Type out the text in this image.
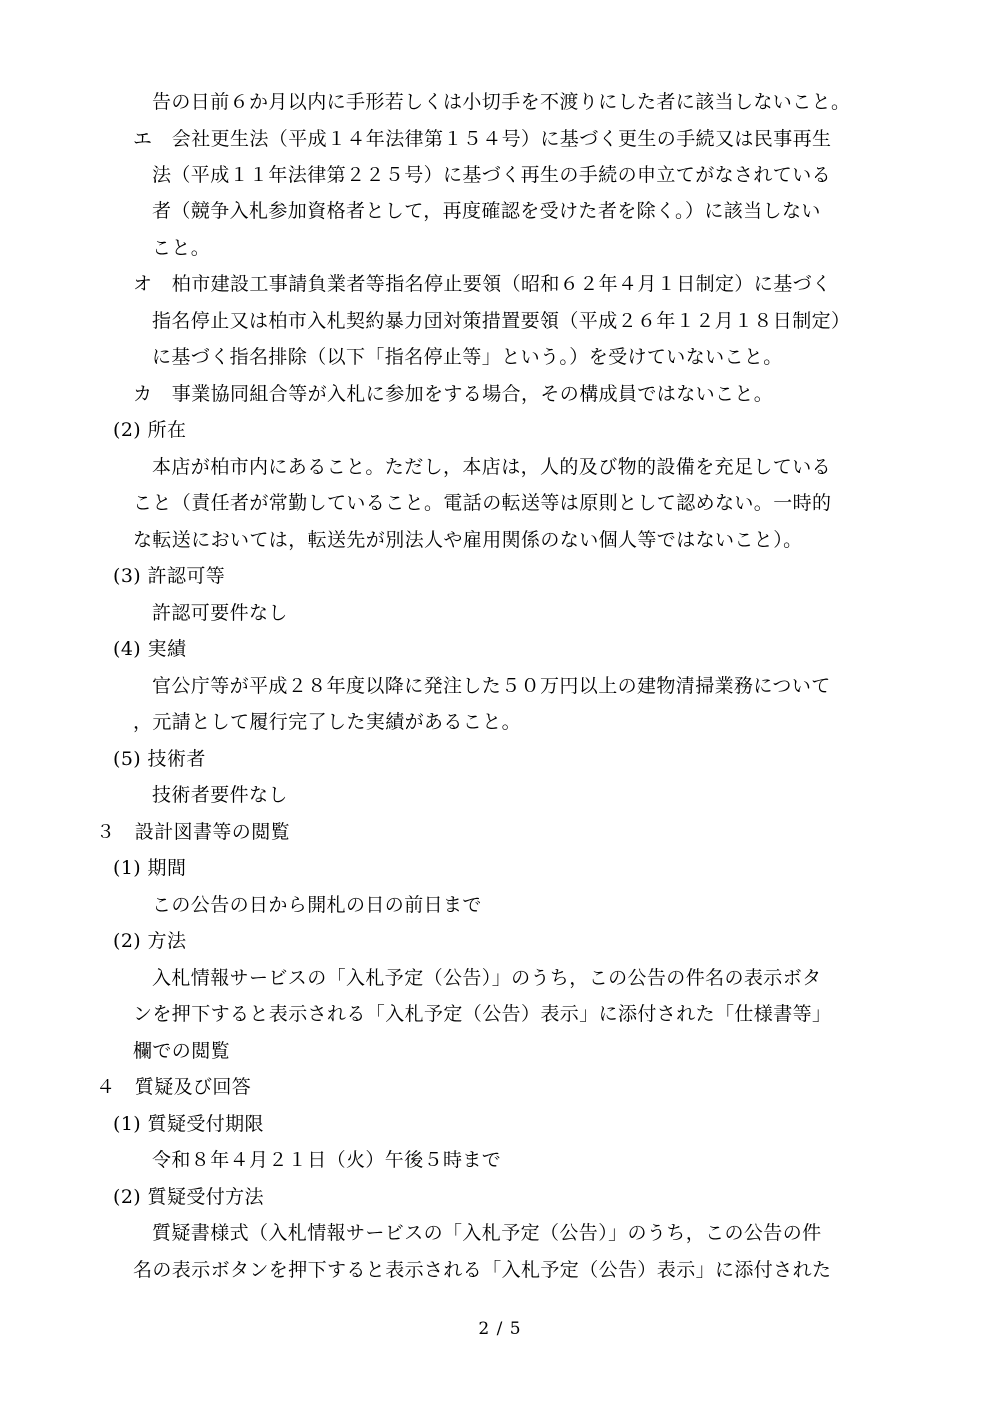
告の日前６か月以内に手形若しくは小切手を不渡りにした者に該当しないこと。
エ　会社更生法（平成１４年法律第１５４号）に基づく更生の手続又は民事再生
法（平成１１年法律第２２５号）に基づく再生の手続の申立てがなされている
者（競争入札参加資格者として，再度確認を受けた者を除く。）に該当しない
こと。
オ　柏市建設工事請負業者等指名停止要領（昭和６２年４月１日制定）に基づく
指名停止又は柏市入札契約暴力団対策措置要領（平成２６年１２月１８日制定）
に基づく指名排除（以下「指名停止等」という。）を受けていないこと。
カ　事業協同組合等が入札に参加をする場合，その構成員ではないこと。
(2) 所在
本店が柏市内にあること。ただし，本店は，人的及び物的設備を充足している
こと（責任者が常勤していること。電話の転送等は原則として認めない。一時的
な転送においては，転送先が別法人や雇用関係のない個人等ではないこと）。
(3) 許認可等
許認可要件なし
(4) 実績
官公庁等が平成２８年度以降に発注した５０万円以上の建物清掃業務について
，元請として履行完了した実績があること。
(5) 技術者
技術者要件なし
３　設計図書等の閲覧
(1) 期間
この公告の日から開札の日の前日まで
(2) 方法
入札情報サービスの「入札予定（公告）」のうち，この公告の件名の表示ボタ
ンを押下すると表示される「入札予定（公告）表示」に添付された「仕様書等」
欄での閲覧
４　質疑及び回答
(1) 質疑受付期限
令和８年４月２１日（火）午後５時まで
(2) 質疑受付方法
質疑書様式（入札情報サービスの「入札予定（公告）」のうち，この公告の件
名の表示ボタンを押下すると表示される「入札予定（公告）表示」に添付された
2 / 5
